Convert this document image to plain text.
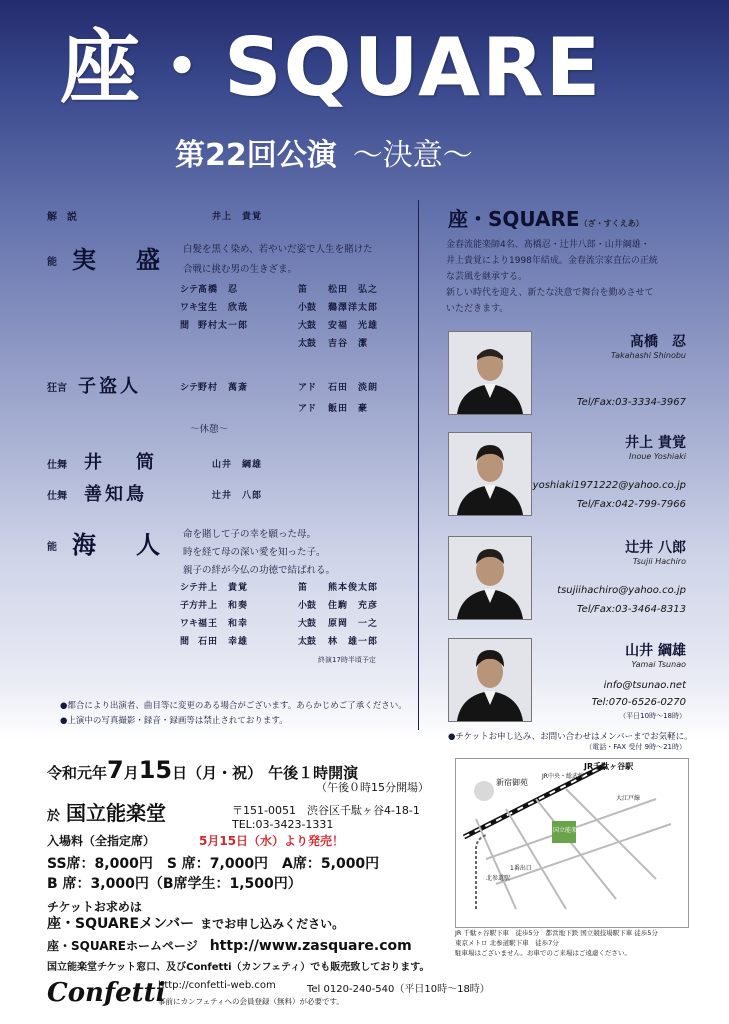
座・SQUARE
第22回公演 ～決意～
解　説	井上　貴覚
能 実　盛 白髪を黒く染め、若やいだ姿で人生を賭けた
合戦に挑む男の生きざま。
シテ 髙橋　忍	笛 松田　弘之
ワキ 宝生　欣哉	小鼓 鵜澤洋太郎
間 野村太一郎	大鼓 安福　光雄
太鼓 吉谷　潔
狂言 子盗人	シテ 野村　萬斎	アド 石田　淡朗
アド 飯田　豪
～休憩～
仕舞 井　筒	山井　綱雄
仕舞 善知鳥	辻井　八郎
能 海　人 命を賭して子の幸を願った母。
時を経て母の深い愛を知った子。
親子の絆が今仏の功徳で結ばれる。
シテ 井上　貴覚	笛 熊本俊太郎
子方 井上　和奏	小鼓 住駒　充彦
ワキ 福王　和幸	大鼓 原岡　一之
間 石田　幸雄	太鼓 林　雄一郎
終演17時半頃予定
●都合により出演者、曲目等に変更のある場合がございます。あらかじめご了承ください。
●上演中の写真撮影・録音・録画等は禁止されております。
座・SQUARE（ざ・すくえあ）
金春流能楽師4名、髙橋忍・辻井八郎・山井綱雄・
井上貴覚により1998年結成。金春流宗家直伝の正統
な芸風を継承する。
新しい時代を迎え、新たな決意で舞台を勤めさせて
いただきます。
髙橋　忍
Takahashi Shinobu
Tel/Fax:03-3334-3967
井上 貴覚
Inoue Yoshiaki
yoshiaki1971222@yahoo.co.jp
Tel/Fax:042-799-7966
辻井 八郎
Tsujii Hachiro
tsujiihachiro@yahoo.co.jp
Tel/Fax:03-3464-8313
山井 綱雄
Yamai Tsunao
info@tsunao.net
Tel:070-6526-0270
（平日10時～18時）
●チケットお申し込み、お問い合わせはメンバーまでお気軽に。
（電話・FAX 受付 9時～21時）
令和元年7月15日（月・祝） 午後１時開演
（午後０時15分開場）
於 国立能楽堂	〒151-0051　渋谷区千駄ヶ谷4-18-1
TEL:03-3423-1331
入場料（全指定席）	5月15日（水）より発売！
SS席：8,000円　S 席：7,000円　A席：5,000円
B 席：3,000円（B席学生：1,500円）
チケットお求めは
座・SQUAREメンバー までお申し込みください。
座・SQUAREホームページ http://www.zasquare.com
国立能楽堂チケット窓口、及びConfetti（カンフェティ）でも販売致しております。
Confetti
http://confetti-web.com	Tel 0120-240-540（平日10時～18時）
事前にカンフェティへの会員登録（無料）が必要です。
JR千駄ヶ谷駅
新宿御苑
JR中央・総武線
国立能楽堂
大江戸線
1番出口
北参道駅
JR 千駄ヶ谷駅下車　徒歩5分　都営地下鉄 国立競技場駅下車 徒歩5分
東京メトロ 北参道駅下車　徒歩7分
駐車場はございません。お車でのご来場はご遠慮ください。
